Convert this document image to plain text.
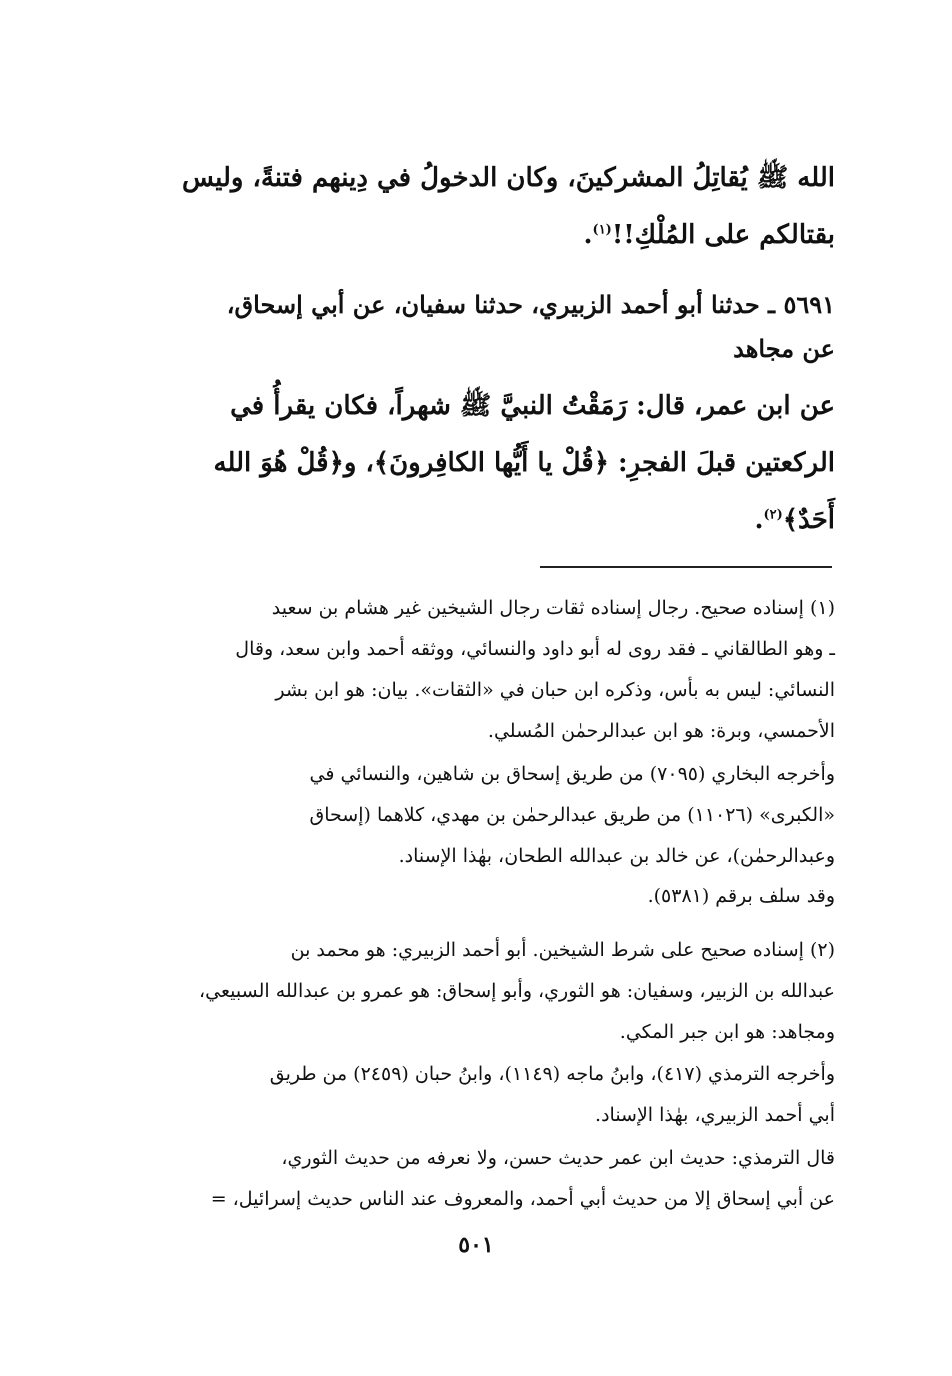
الله ﷺ يُقاتِلُ المشركينَ، وكان الدخولُ في دِينهم فتنةً، وليس
بقتالكم على المُلْكِ!!$^{(١)}$.

٥٦٩١ ـ حدثنا أبو أحمد الزبيري، حدثنا سفيان، عن أبي إسحاق،
عن مجاهد

عن ابن عمر، قال: رَمَقْتُ النبيَّ ﷺ شهراً، فكان يقرأُ في
الركعتين قبلَ الفجرِ: ﴿قُلْ يا أَيُّها الكافِرونَ﴾، و﴿قُلْ هُوَ الله
أَحَدٌ﴾$^{(٢)}$.

(١) إسناده صحيح. رجال إسناده ثقات رجال الشيخين غير هشام بن سعيد
ـ وهو الطالقاني ـ فقد روى له أبو داود والنسائي، ووثقه أحمد وابن سعد، وقال
النسائي: ليس به بأس، وذكره ابن حبان في «الثقات». بيان: هو ابن بشر
الأحمسي، وبرة: هو ابن عبدالرحمٰن المُسلي.
وأخرجه البخاري (٧٠٩٥) من طريق إسحاق بن شاهين، والنسائي في
«الكبرى» (١١٠٢٦) من طريق عبدالرحمٰن بن مهدي، كلاهما (إسحاق
وعبدالرحمٰن)، عن خالد بن عبدالله الطحان، بهٰذا الإسناد.
وقد سلف برقم (٥٣٨١).
(٢) إسناده صحيح على شرط الشيخين. أبو أحمد الزبيري: هو محمد بن
عبدالله بن الزبير، وسفيان: هو الثوري، وأبو إسحاق: هو عمرو بن عبدالله السبيعي،
ومجاهد: هو ابن جبر المكي.
وأخرجه الترمذي (٤١٧)، وابنُ ماجه (١١٤٩)، وابنُ حبان (٢٤٥٩) من طريق
أبي أحمد الزبيري، بهٰذا الإسناد.
قال الترمذي: حديث ابن عمر حديث حسن، ولا نعرفه من حديث الثوري،
عن أبي إسحاق إلا من حديث أبي أحمد، والمعروف عند الناس حديث إسرائيل، =
٥٠١
